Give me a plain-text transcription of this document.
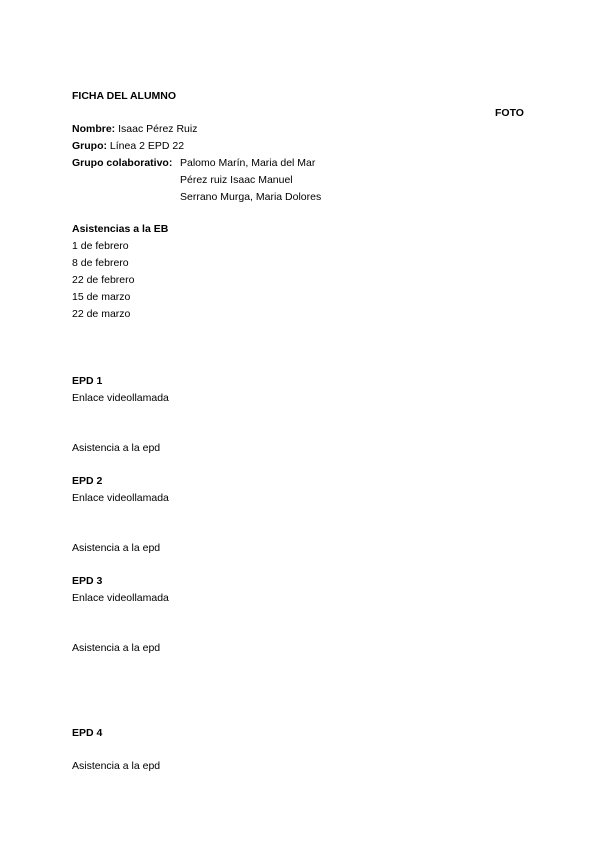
FICHA DEL ALUMNO
FOTO
Nombre: Isaac Pérez Ruiz
Grupo: Línea 2 EPD 22
Grupo colaborativo: Palomo Marín, Maria del Mar
Pérez ruiz Isaac Manuel
Serrano Murga, Maria Dolores
Asistencias a la EB
1 de febrero
8 de febrero
22 de febrero
15 de marzo
22 de marzo
EPD 1
Enlace videollamada
Asistencia a la epd
EPD 2
Enlace videollamada
Asistencia a la epd
EPD 3
Enlace videollamada
Asistencia a la epd
EPD 4
Asistencia a la epd
